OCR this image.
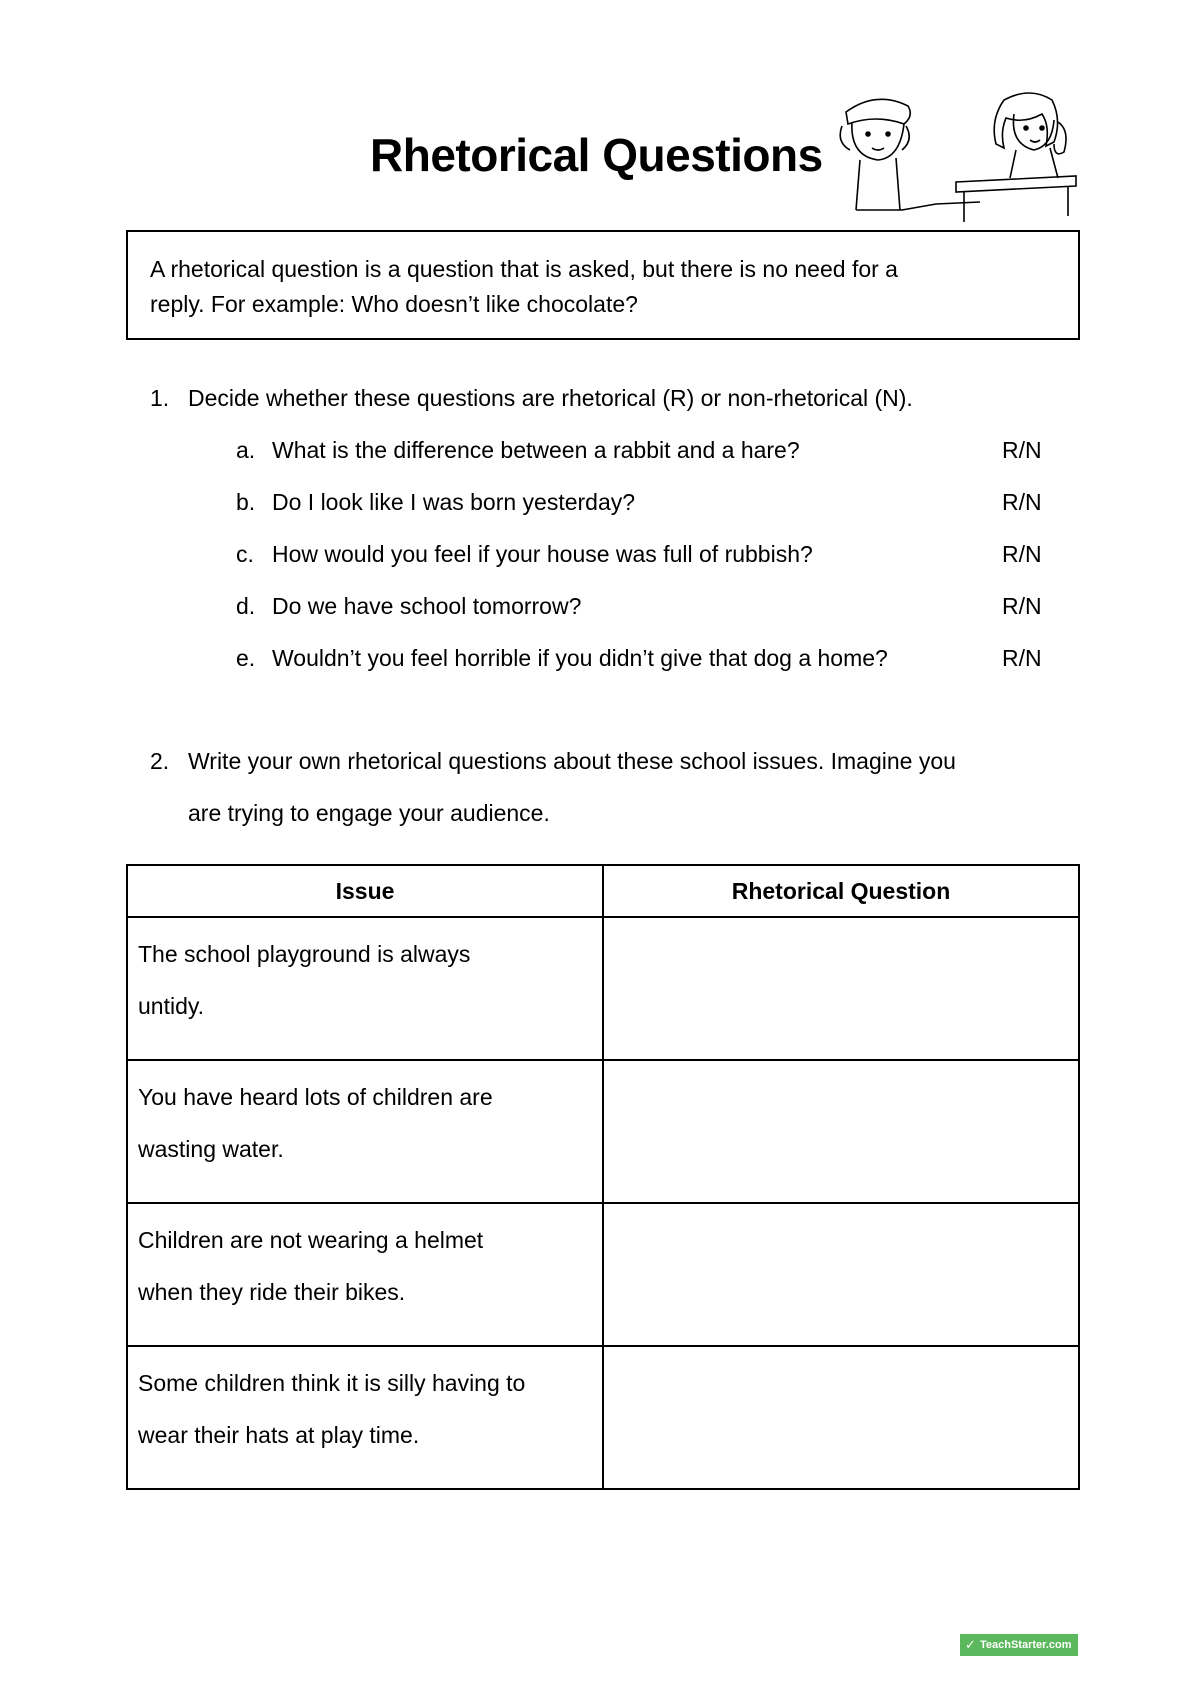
Rhetorical Questions
A rhetorical question is a question that is asked, but there is no need for a
reply. For example: Who doesn’t like chocolate?
1. Decide whether these questions are rhetorical (R) or non-rhetorical (N).
a. What is the difference between a rabbit and a hare?	R/N
b. Do I look like I was born yesterday?	R/N
c. How would you feel if your house was full of rubbish?	R/N
d. Do we have school tomorrow?	R/N
e. Wouldn’t you feel horrible if you didn’t give that dog a home?	R/N
2. Write your own rhetorical questions about these school issues. Imagine you
are trying to engage your audience.
Issue	Rhetorical Question

The school playground is always
untidy.	

You have heard lots of children are
wasting water.	

Children are not wearing a helmet
when they ride their bikes.	

Some children think it is silly having to
wear their hats at play time.	

✓ TeachStarter.com
